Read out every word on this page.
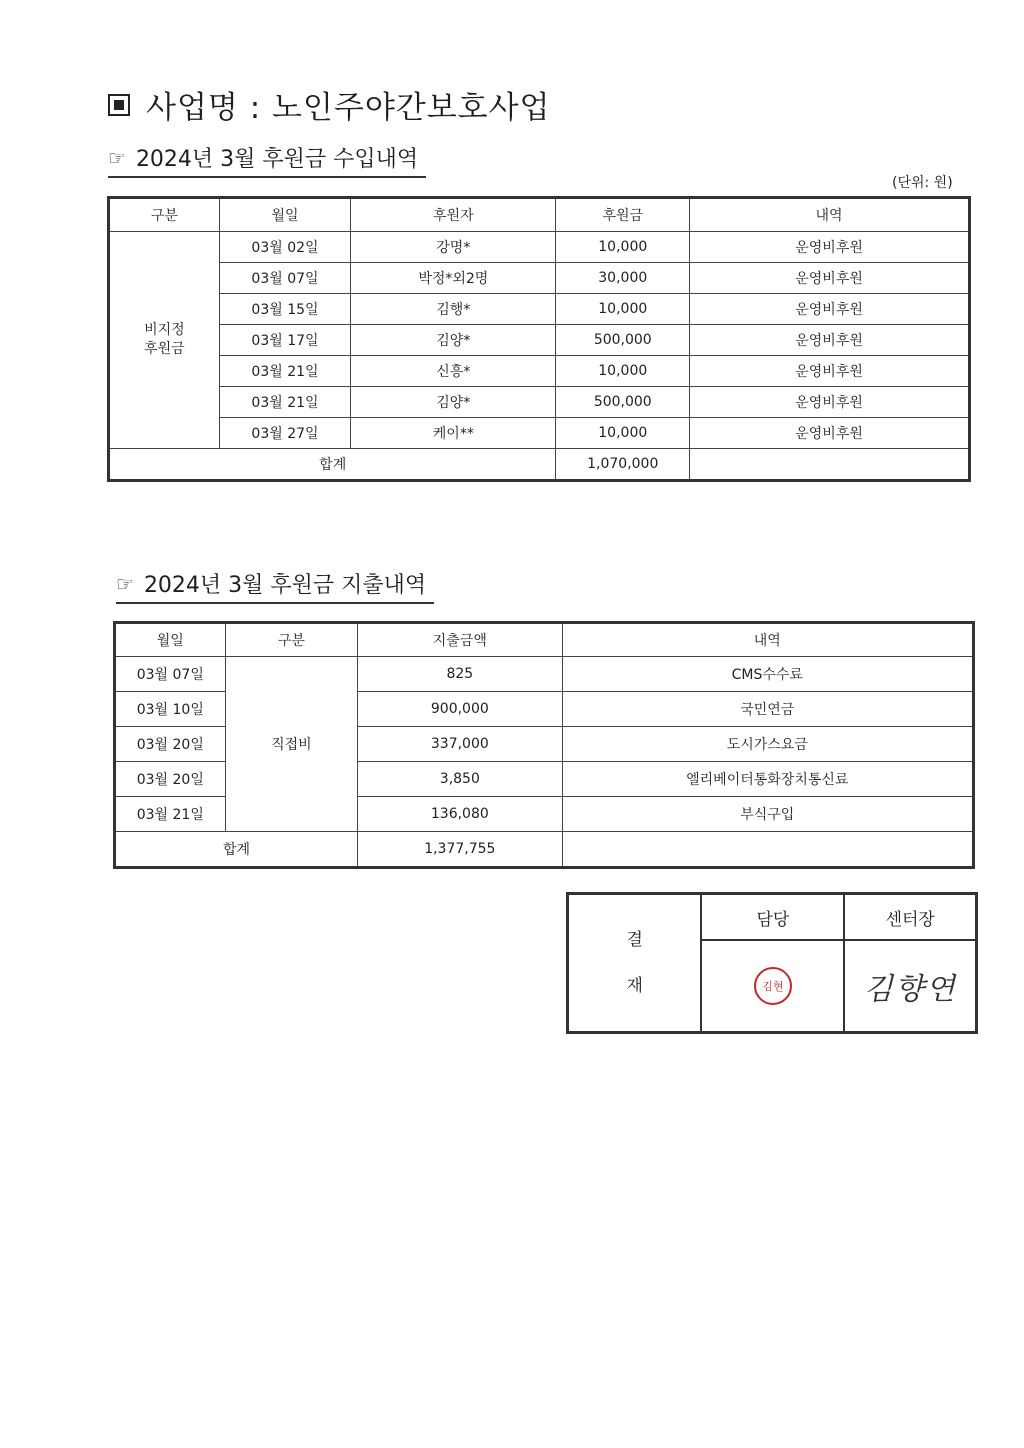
사업명 : 노인주야간보호사업
☞ 2024년 3월 후원금 수입내역
(단위: 원)
구분	월일	후원자	후원금	내역
비지정 후원금	03월 02일	강명*	10,000	운영비후원
	03월 07일	박정*외2명	30,000	운영비후원
	03월 15일	김행*	10,000	운영비후원
	03월 17일	김양*	500,000	운영비후원
	03월 21일	신흥*	10,000	운영비후원
	03월 21일	김양*	500,000	운영비후원
	03월 27일	케이**	10,000	운영비후원
합계			1,070,000	
☞ 2024년 3월 후원금 지출내역
월일	구분	지출금액	내역
03월 07일	직접비	825	CMS수수료
03월 10일		900,000	국민연금
03월 20일		337,000	도시가스요금
03월 20일		3,850	엘리베이터통화장치통신료
03월 21일		136,080	부식구입
합계		1,377,755	
결
재	담당	센터장
	김현	김향연
